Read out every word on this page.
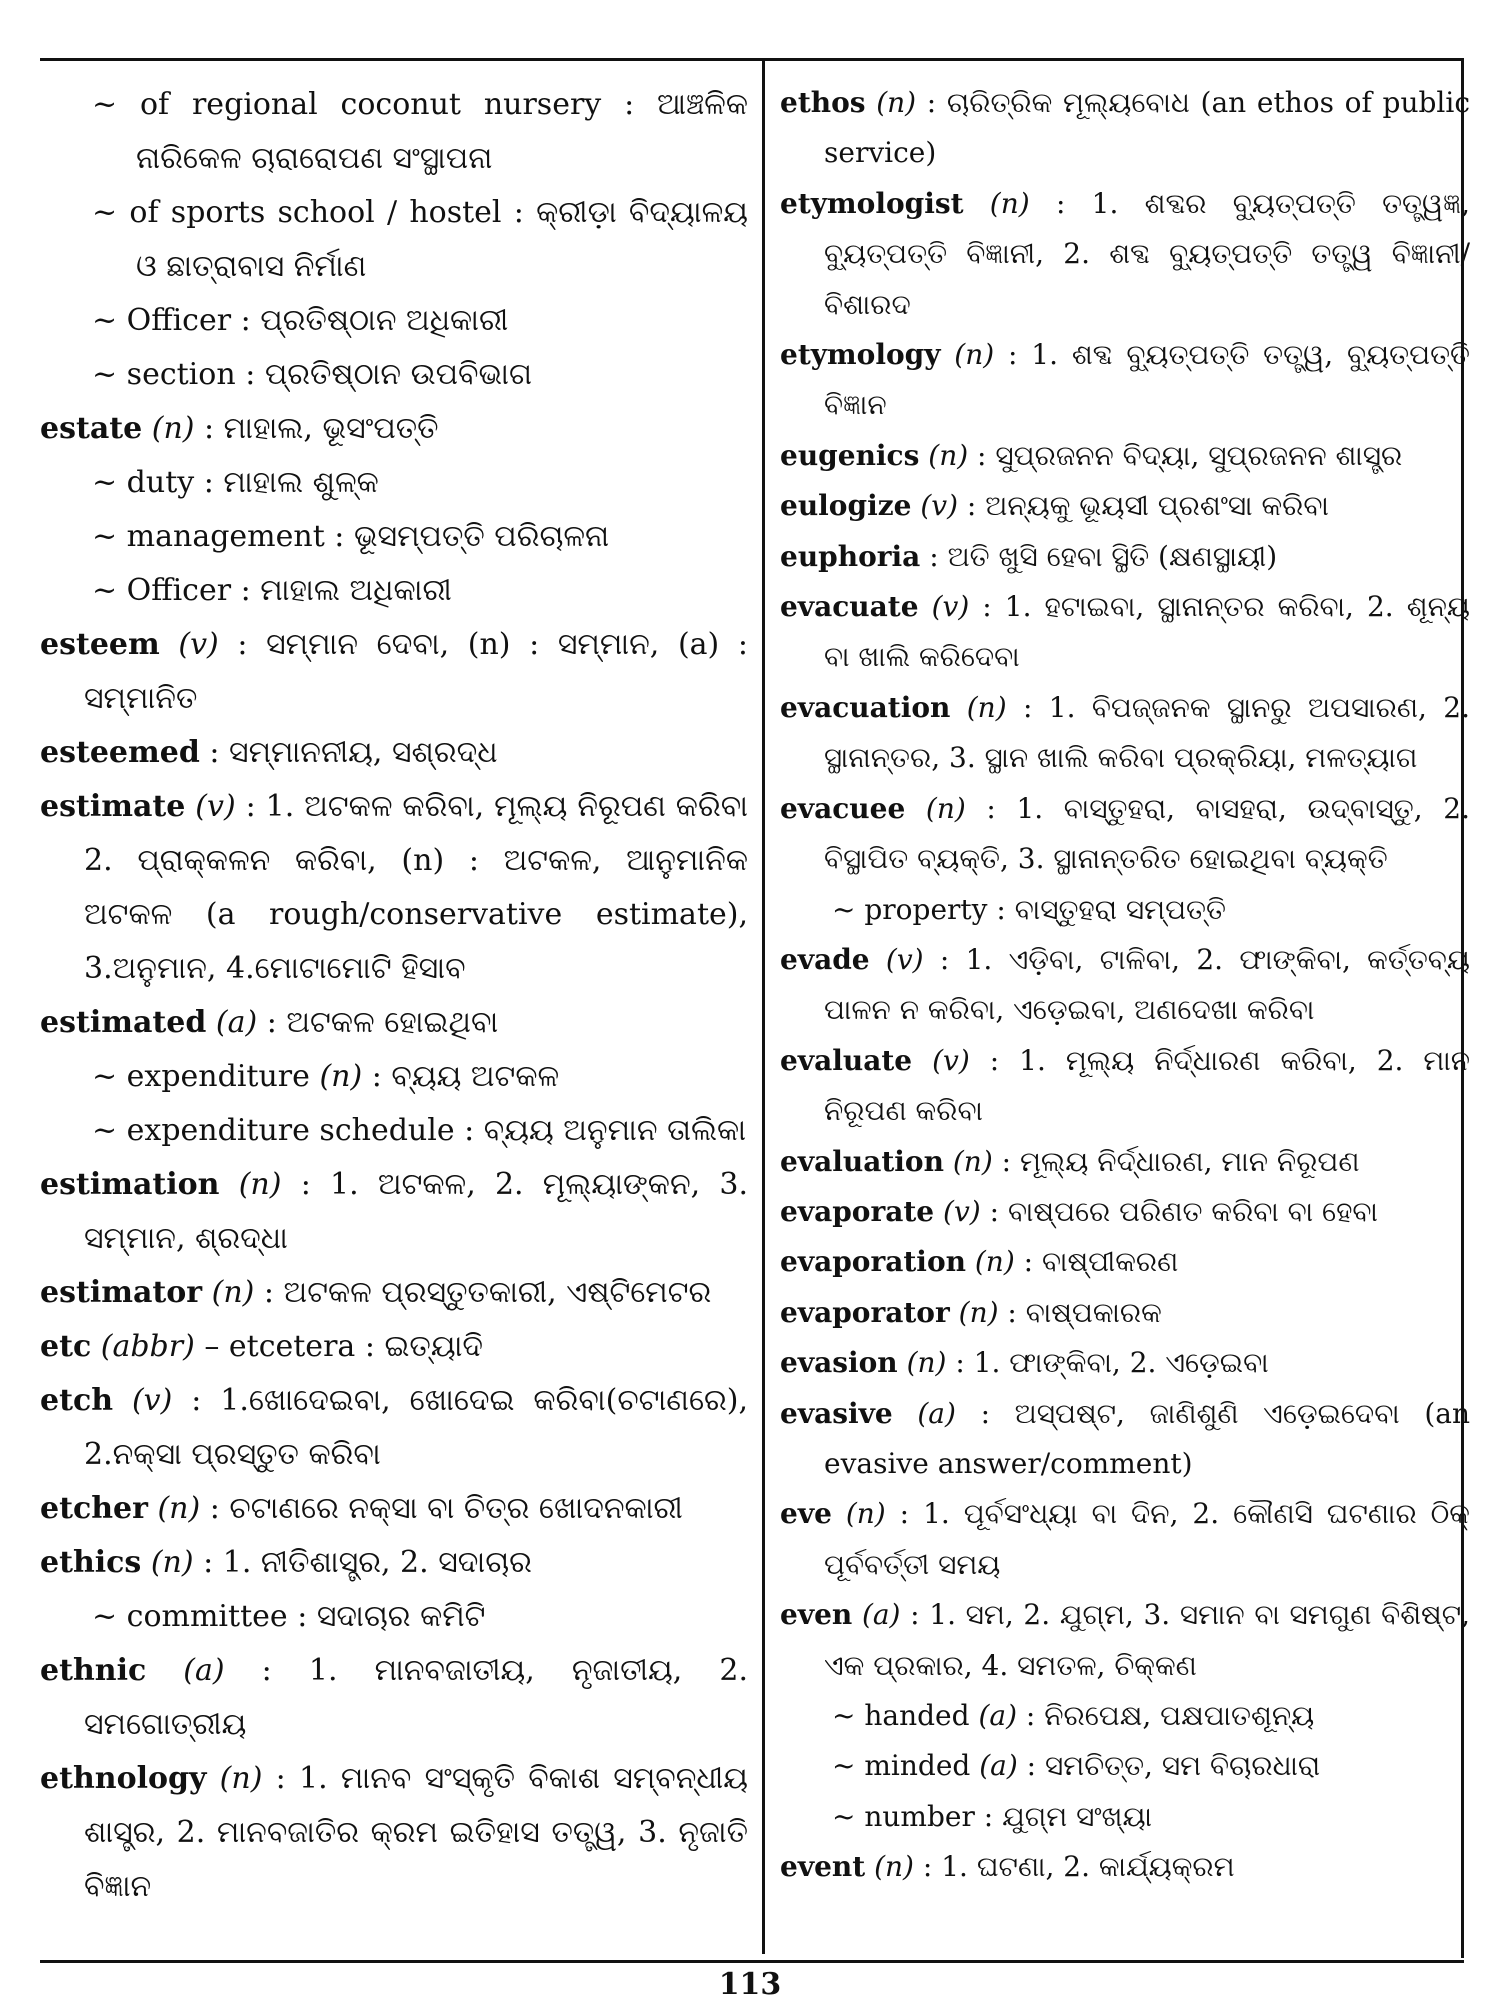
~ of regional coconut nursery : ଆଞ୍ଚଳିକ ନାରିକେଳ ଚାରାରୋପଣ ସଂସ୍ଥାପନା

~ of sports school / hostel : କ୍ରୀଡ଼ା ବିଦ୍ୟାଳୟ ଓ ଛାତ୍ରାବାସ ନିର୍ମାଣ

~ Officer : ପ୍ରତିଷ୍ଠାନ ଅଧିକାରୀ

~ section : ପ୍ରତିଷ୍ଠାନ ଉପବିଭାଗ

estate (n) : ମାହାଲ, ଭୂସଂପତ୍ତି

~ duty : ମାହାଲ ଶୁଳ୍କ

~ management : ଭୂସମ୍ପତ୍ତି ପରିଚାଳନା

~ Officer : ମାହାଲ ଅଧିକାରୀ

esteem (v) : ସମ୍ମାନ ଦେବା, (n) : ସମ୍ମାନ, (a) : ସମ୍ମାନିତ

esteemed : ସମ୍ମାନନୀୟ, ସଶ୍ରଦ୍ଧ

estimate (v) : 1. ଅଟକଳ କରିବା, ମୂଲ୍ୟ ନିରୂପଣ କରିବା 2. ପ୍ରାକ୍‌କଳନ କରିବା, (n) : ଅଟକଳ, ଆନୁମାନିକ ଅଟକଳ (a rough/conservative estimate), 3.ଅନୁମାନ, 4.ମୋଟାମୋଟି ହିସାବ

estimated (a) : ଅଟକଳ ହୋଇଥିବା

~ expenditure (n) : ବ୍ୟୟ ଅଟକଳ

~ expenditure schedule : ବ୍ୟୟ ଅନୁମାନ ତାଲିକା

estimation (n) : 1. ଅଟକଳ, 2. ମୂଲ୍ୟାଙ୍କନ, 3. ସମ୍ମାନ, ଶ୍ରଦ୍ଧା

estimator (n) : ଅଟକଳ ପ୍ରସ୍ତୁତକାରୀ, ଏଷ୍ଟିମେଟର

etc (abbr) – etcetera : ଇତ୍ୟାଦି

etch (v) : 1.ଖୋଦେଇବା, ଖୋଦେଇ କରିବା(ଚଟାଣରେ), 2.ନକ୍ସା ପ୍ରସ୍ତୁତ କରିବା

etcher (n) : ଚଟାଣରେ ନକ୍ସା ବା ଚିତ୍ର ଖୋଦନକାରୀ

ethics (n) : 1. ନୀତିଶାସ୍ତ୍ର, 2. ସଦାଚାର

~ committee : ସଦାଚାର କମିଟି

ethnic (a) : 1. ମାନବଜାତୀୟ, ନୃଜାତୀୟ, 2. ସମଗୋତ୍ରୀୟ

ethnology (n) : 1. ମାନବ ସଂସ୍କୃତି ବିକାଶ ସମ୍ବନ୍ଧୀୟ ଶାସ୍ତ୍ର, 2. ମାନବଜାତିର କ୍ରମ ଇତିହାସ ତତ୍ତ୍ୱ, 3. ନୃଜାତି ବିଜ୍ଞାନ

ethos (n) : ଚାରିତ୍ରିକ ମୂଲ୍ୟବୋଧ (an ethos of public service)

etymologist (n) : 1. ଶବ୍ଦର ବ୍ୟୁତ୍ପତ୍ତି ତତ୍ତ୍ୱଜ୍ଞ, ବ୍ୟୁତ୍ପତ୍ତି ବିଜ୍ଞାନୀ, 2. ଶବ୍ଦ ବ୍ୟୁତ୍ପତ୍ତି ତତ୍ତ୍ୱ ବିଜ୍ଞାନୀ/ବିଶାରଦ

etymology (n) : 1. ଶବ୍ଦ ବ୍ୟୁତ୍ପତ୍ତି ତତ୍ତ୍ୱ, ବ୍ୟୁତ୍ପତ୍ତି ବିଜ୍ଞାନ

eugenics (n) : ସୁପ୍ରଜନନ ବିଦ୍ୟା, ସୁପ୍ରଜନନ ଶାସ୍ତ୍ର

eulogize (v) : ଅନ୍ୟକୁ ଭୂୟସୀ ପ୍ରଶଂସା କରିବା

euphoria : ଅତି ଖୁସି ହେବା ସ୍ଥିତି (କ୍ଷଣସ୍ଥାୟୀ)

evacuate (v) : 1. ହଟାଇବା, ସ୍ଥାନାନ୍ତର କରିବା, 2. ଶୂନ୍ୟ ବା ଖାଲି କରିଦେବା

evacuation (n) : 1. ବିପଜ୍ଜନକ ସ୍ଥାନରୁ ଅପସାରଣ, 2. ସ୍ଥାନାନ୍ତର, 3. ସ୍ଥାନ ଖାଲି କରିବା ପ୍ରକ୍ରିୟା, ମଳତ୍ୟାଗ

evacuee (n) : 1. ବାସ୍ତୁହରା, ବାସହରା, ଉଦ୍‌ବାସ୍ତୁ, 2. ବିସ୍ଥାପିତ ବ୍ୟକ୍ତି, 3. ସ୍ଥାନାନ୍ତରିତ ହୋଇଥିବା ବ୍ୟକ୍ତି

~ property : ବାସ୍ତୁହରା ସମ୍ପତ୍ତି

evade (v) : 1. ଏଡ଼ିବା, ଟାଳିବା, 2. ଫାଙ୍କିବା, କର୍ତ୍ତବ୍ୟ ପାଳନ ନ କରିବା, ଏଡ଼େଇବା, ଅଣଦେଖା କରିବା

evaluate (v) : 1. ମୂଲ୍ୟ ନିର୍ଦ୍ଧାରଣ କରିବା, 2. ମାନ ନିରୂପଣ କରିବା

evaluation (n) : ମୂଲ୍ୟ ନିର୍ଦ୍ଧାରଣ, ମାନ ନିରୂପଣ

evaporate (v) : ବାଷ୍ପରେ ପରିଣତ କରିବା ବା ହେବା

evaporation (n) : ବାଷ୍ପୀକରଣ

evaporator (n) : ବାଷ୍ପକାରକ

evasion (n) : 1. ଫାଙ୍କିବା, 2. ଏଡ଼େଇବା

evasive (a) : ଅସ୍ପଷ୍ଟ, ଜାଣିଶୁଣି ଏଡ଼େଇଦେବା (an evasive answer/comment)

eve (n) : 1. ପୂର୍ବସଂଧ୍ୟା ବା ଦିନ, 2. କୌଣସି ଘଟଣାର ଠିକ୍ ପୂର୍ବବର୍ତ୍ତୀ ସମୟ

even (a) : 1. ସମ, 2. ଯୁଗ୍ମ, 3. ସମାନ ବା ସମଗୁଣ ବିଶିଷ୍ଟ, ଏକ ପ୍ରକାର, 4. ସମତଳ, ଚିକ୍କଣ

~ handed (a) : ନିରପେକ୍ଷ, ପକ୍ଷପାତଶୂନ୍ୟ

~ minded (a) : ସମଚିତ୍ତ, ସମ ବିଚାରଧାରା

~ number : ଯୁଗ୍ମ ସଂଖ୍ୟା

event (n) : 1. ଘଟଣା, 2. କାର୍ଯ୍ୟକ୍ରମ

113
